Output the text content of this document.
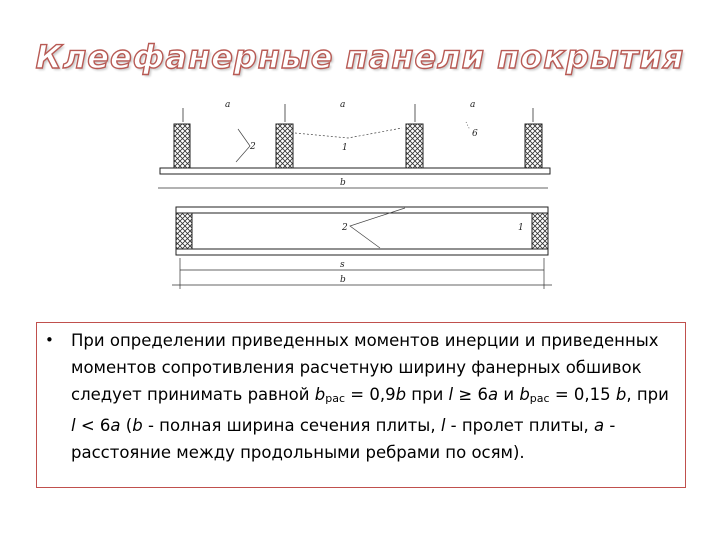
Клеефанерные панели покрытия
a	a	a
2	1
6
b
2	1
s
b
• При определении приведенных моментов инерции и приведенных моментов сопротивления расчетную ширину фанерных обшивок следует принимать равной $b_{рас} = 0,9b$ при l ≥ 6a и $b_{рас} = 0,15$ b, при l < 6a (b - полная ширина сечения плиты, l - пролет плиты, a - расстояние между продольными ребрами по осям).
